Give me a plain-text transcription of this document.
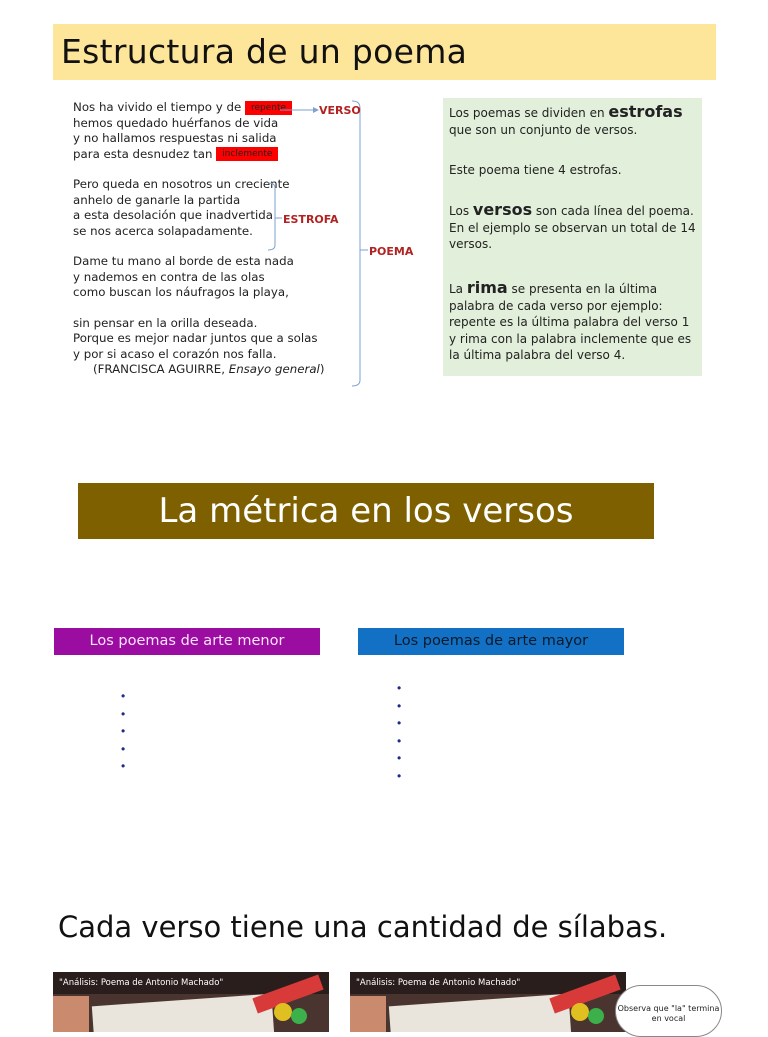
Estructura de un poema
Nos ha vivido el tiempo y de repente
hemos quedado huérfanos de vida
y no hallamos respuestas ni salida
para esta desnudez tan inclemente
Pero queda en nosotros un creciente
anhelo de ganarle la partida
a esta desolación que inadvertida
se nos acerca solapadamente.
Dame tu mano al borde de esta nada
y nademos en contra de las olas
como buscan los náufragos la playa,
sin pensar en la orilla deseada.
Porque es mejor nadar juntos que a solas
y por si acaso el corazón nos falla.
(FRANCISCA AGUIRRE, Ensayo general)
VERSO
ESTROFA
POEMA

Los poemas se dividen en estrofas que son un conjunto de versos.

Este poema tiene 4 estrofas.

Los versos son cada línea del poema. En el ejemplo se observan un total de 14 versos.

La rima se presenta en la última palabra de cada verso por ejemplo: repente es la última palabra del verso 1 y rima con la palabra inclemente que es la última palabra del verso 4.

La métrica en los versos
Los poemas de arte menor	Los poemas de arte mayor
•
•
•
•
•
•
•
•
•
•
•
Cada verso tiene una cantidad de sílabas.
"Análisis: Poema de Antonio Machado"	"Análisis: Poema de Antonio Machado"
Observa que "la" termina en vocal
